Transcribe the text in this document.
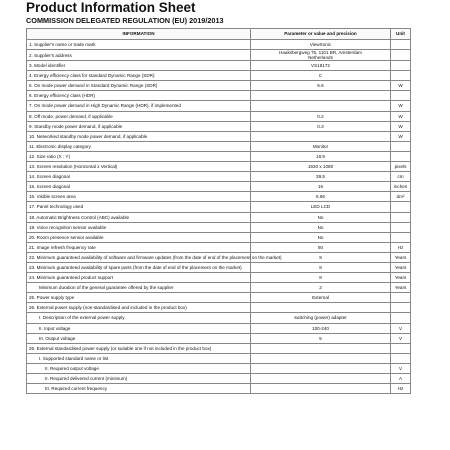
Product Information Sheet
COMMISSION DELEGATED REGULATION (EU) 2019/2013
INFORMATION	Parameter or value and precision	Unit
1. Supplier's name or trade mark	ViewSonic	
2. Supplier's address	Haaksbergweg 75, 1101 BR, Amsterdam
Netherlands	
3. Model identifier	VS18172	
4. Energy efficiency class for standard Dynamic Range (SDR)	C	
5. On mode power demand in Standard Dynamic Range (SDR)	6.6	W
6. Energy efficiency class (HDR)		
7. On mode power demand in High Dynamic Range (HDR), if implemented		W
8. Off mode, power demand, if applicable	0.2	W
9. Standby mode power demand, if applicable	0.3	W
10. Networked standby mode power demand, if applicable		W
11. Electronic display category	Monitor	
12. Size ratio (X : Y)	16:9	
13. Screen resolution (Horizontal x Vertical)	1920 x 1080	pixels
14. Screen diagonal	39.5	cm
15. Screen diagonal	16	inches
16. Visible screen area	6.66	dm²
17. Panel technology used	LED LCD	
18. Automatic Brightness Control (ABC) available	No	
19. Voice recognition sensor available	No	
20. Room presence sensor available	No	
21. Image refresh frequency rate	60	Hz
22. Minimum guaranteed availability of software and firmware updates (from the date of end of the placement on the market)	9	Years
23. Minimum guaranteed availability of spare parts (from the date of end of the placement on the market)	8	Years
24. Minimum guaranteed product support	8	Years
Minimum duration of the general guarantee offered by the supplier	2	Years
25. Power supply type	External	
26. External power supply (non-standardised and included in the product box)		
I. Description of the external power supply	switching (power) adapter	
II. Input voltage	100-240	V
III. Output voltage	5	V
26. External standardised power supply (or suitable one if not included in the product box)		
I. Supported standard name or list		
II. Required output voltage		V
II. Required delivered current (minimum)		A
III. Required current frequency		Hz
